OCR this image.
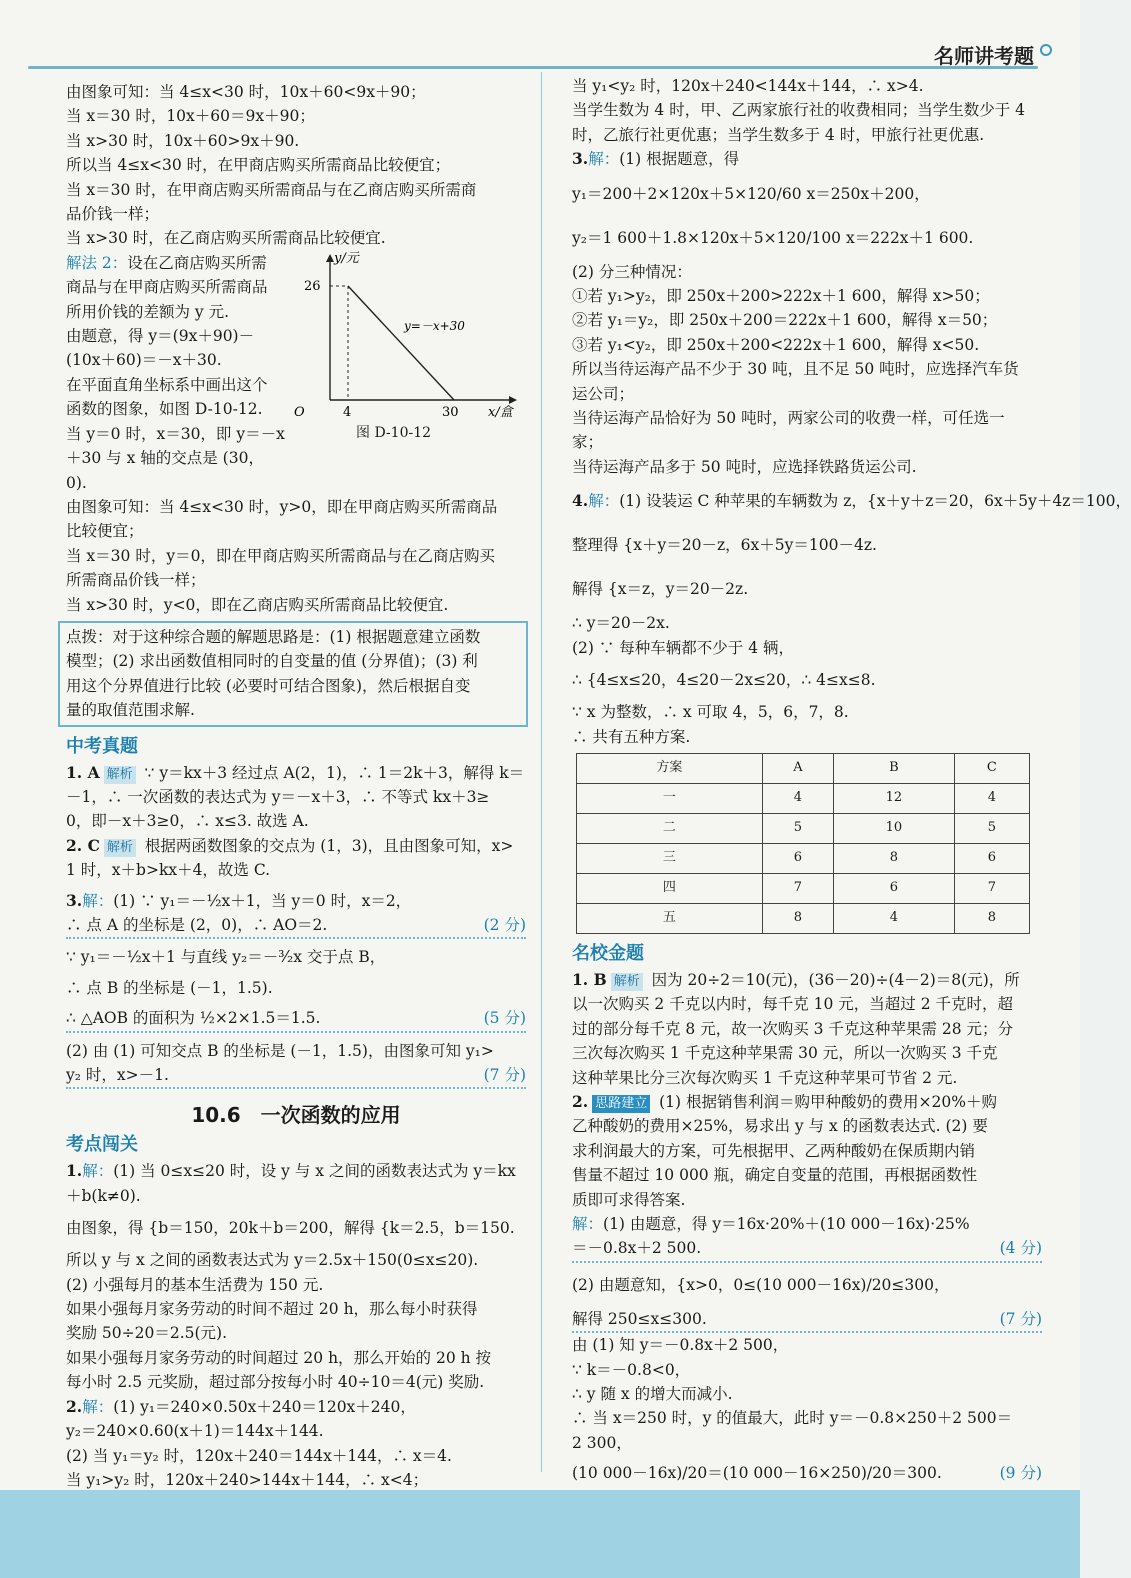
名师讲考题
由图象可知：当 4≤x<30 时，10x＋60<9x＋90；
当 x＝30 时，10x＋60＝9x＋90；
当 x>30 时，10x＋60>9x＋90.
所以当 4≤x<30 时，在甲商店购买所需商品比较便宜；
当 x＝30 时，在甲商店购买所需商品与在乙商店购买所需商
品价钱一样；
当 x>30 时，在乙商店购买所需商品比较便宜.
解法 2：设在乙商店购买所需
商品与在甲商店购买所需商品
所用价钱的差额为 y 元.
由题意，得 y＝(9x＋90)－
(10x＋60)＝－x＋30.
在平面直角坐标系中画出这个
函数的图象，如图 D-10-12.
当 y＝0 时，x＝30，即 y＝－x
＋30 与 x 轴的交点是 (30，
0).
由图象可知：当 4≤x<30 时，y>0，即在甲商店购买所需商品
比较便宜；
当 x＝30 时，y＝0，即在甲商店购买所需商品与在乙商店购买
所需商品价钱一样；
当 x>30 时，y<0，即在乙商店购买所需商品比较便宜.
点拨：对于这种综合题的解题思路是：(1) 根据题意建立函数
模型；(2) 求出函数值相同时的自变量的值 (分界值)；(3) 利
用这个分界值进行比较 (必要时可结合图象)，然后根据自变
量的取值范围求解.
中考真题
1. A 解析 ∵ y＝kx＋3 经过点 A(2，1)，∴ 1＝2k＋3，解得 k＝
－1，∴ 一次函数的表达式为 y＝－x＋3，∴ 不等式 kx＋3≥
0，即－x＋3≥0，∴ x≤3. 故选 A.
2. C 解析 根据两函数图象的交点为 (1，3)，且由图象可知，x>
1 时，x＋b>kx＋4，故选 C.
3.解：(1) ∵ y₁＝－½x＋1，当 y＝0 时，x＝2，
∴ 点 A 的坐标是 (2，0)，∴ AO＝2.	(2 分)
∵ y₁＝－½x＋1 与直线 y₂＝－³⁄₂x 交于点 B，
∴ 点 B 的坐标是 (－1，1.5).
∴ △AOB 的面积为 ½×2×1.5＝1.5.	(5 分)
(2) 由 (1) 可知交点 B 的坐标是 (－1，1.5)，由图象可知 y₁>
y₂ 时，x>－1.	(7 分)
10.6　一次函数的应用
考点闯关
1.解：(1) 当 0≤x≤20 时，设 y 与 x 之间的函数表达式为 y＝kx
＋b(k≠0).
由图象，得 {b＝150，20k＋b＝200，解得 {k＝2.5，b＝150.
所以 y 与 x 之间的函数表达式为 y＝2.5x＋150(0≤x≤20).
(2) 小强每月的基本生活费为 150 元.
如果小强每月家务劳动的时间不超过 20 h，那么每小时获得
奖励 50÷20＝2.5(元).
如果小强每月家务劳动的时间超过 20 h，那么开始的 20 h 按
每小时 2.5 元奖励，超过部分按每小时 40÷10＝4(元) 奖励.
2.解：(1) y₁＝240×0.50x＋240＝120x＋240，
y₂＝240×0.60(x＋1)＝144x＋144.
(2) 当 y₁＝y₂ 时，120x＋240＝144x＋144，∴ x＝4.
当 y₁>y₂ 时，120x＋240>144x＋144，∴ x<4；
O
26
4	30 x/盒
y/元
y=－x+30
图 D-10-12
当 y₁<y₂ 时，120x＋240<144x＋144，∴ x>4.
当学生数为 4 时，甲、乙两家旅行社的收费相同；当学生数少于 4
时，乙旅行社更优惠；当学生数多于 4 时，甲旅行社更优惠.
3.解：(1) 根据题意，得
y₁＝200＋2×120x＋5×120/60 x＝250x＋200，
y₂＝1 600＋1.8×120x＋5×120/100 x＝222x＋1 600.
(2) 分三种情况：
①若 y₁>y₂，即 250x＋200>222x＋1 600，解得 x>50；
②若 y₁＝y₂，即 250x＋200＝222x＋1 600，解得 x＝50；
③若 y₁<y₂，即 250x＋200<222x＋1 600，解得 x<50.
所以当待运海产品不少于 30 吨，且不足 50 吨时，应选择汽车货
运公司；
当待运海产品恰好为 50 吨时，两家公司的收费一样，可任选一
家；
当待运海产品多于 50 吨时，应选择铁路货运公司.
4.解：(1) 设装运 C 种苹果的车辆数为 z，{x＋y＋z＝20，6x＋5y＋4z＝100，
整理得 {x＋y＝20－z，6x＋5y＝100－4z.
解得 {x＝z，y＝20－2z.
∴ y＝20－2x.
(2) ∵ 每种车辆都不少于 4 辆，
∴ {4≤x≤20，4≤20－2x≤20，∴ 4≤x≤8.
∵ x 为整数，∴ x 可取 4，5，6，7，8.
∴ 共有五种方案.
方案	A	B	C
一	4	12	4
二	5	10	5
三	6	8	6
四	7	6	7
五	8	4	8
名校金题
1. B 解析 因为 20÷2＝10(元)，(36－20)÷(4－2)＝8(元)，所
以一次购买 2 千克以内时，每千克 10 元，当超过 2 千克时，超
过的部分每千克 8 元，故一次购买 3 千克这种苹果需 28 元；分
三次每次购买 1 千克这种苹果需 30 元，所以一次购买 3 千克
这种苹果比分三次每次购买 1 千克这种苹果可节省 2 元.
2. 思路建立 (1) 根据销售利润＝购甲种酸奶的费用×20%＋购
乙种酸奶的费用×25%，易求出 y 与 x 的函数表达式. (2) 要
求利润最大的方案，可先根据甲、乙两种酸奶在保质期内销
售量不超过 10 000 瓶，确定自变量的范围，再根据函数性
质即可求得答案.
解：(1) 由题意，得 y＝16x·20%＋(10 000－16x)·25%
＝－0.8x＋2 500.	(4 分)
(2) 由题意知，{x>0，0≤(10 000－16x)/20≤300，
解得 250≤x≤300.	(7 分)
由 (1) 知 y＝－0.8x＋2 500，
∵ k＝－0.8<0，
∴ y 随 x 的增大而减小.
∴ 当 x＝250 时，y 的值最大，此时 y＝－0.8×250＋2 500＝
2 300，
(10 000－16x)/20＝(10 000－16×250)/20＝300.	(9 分)
